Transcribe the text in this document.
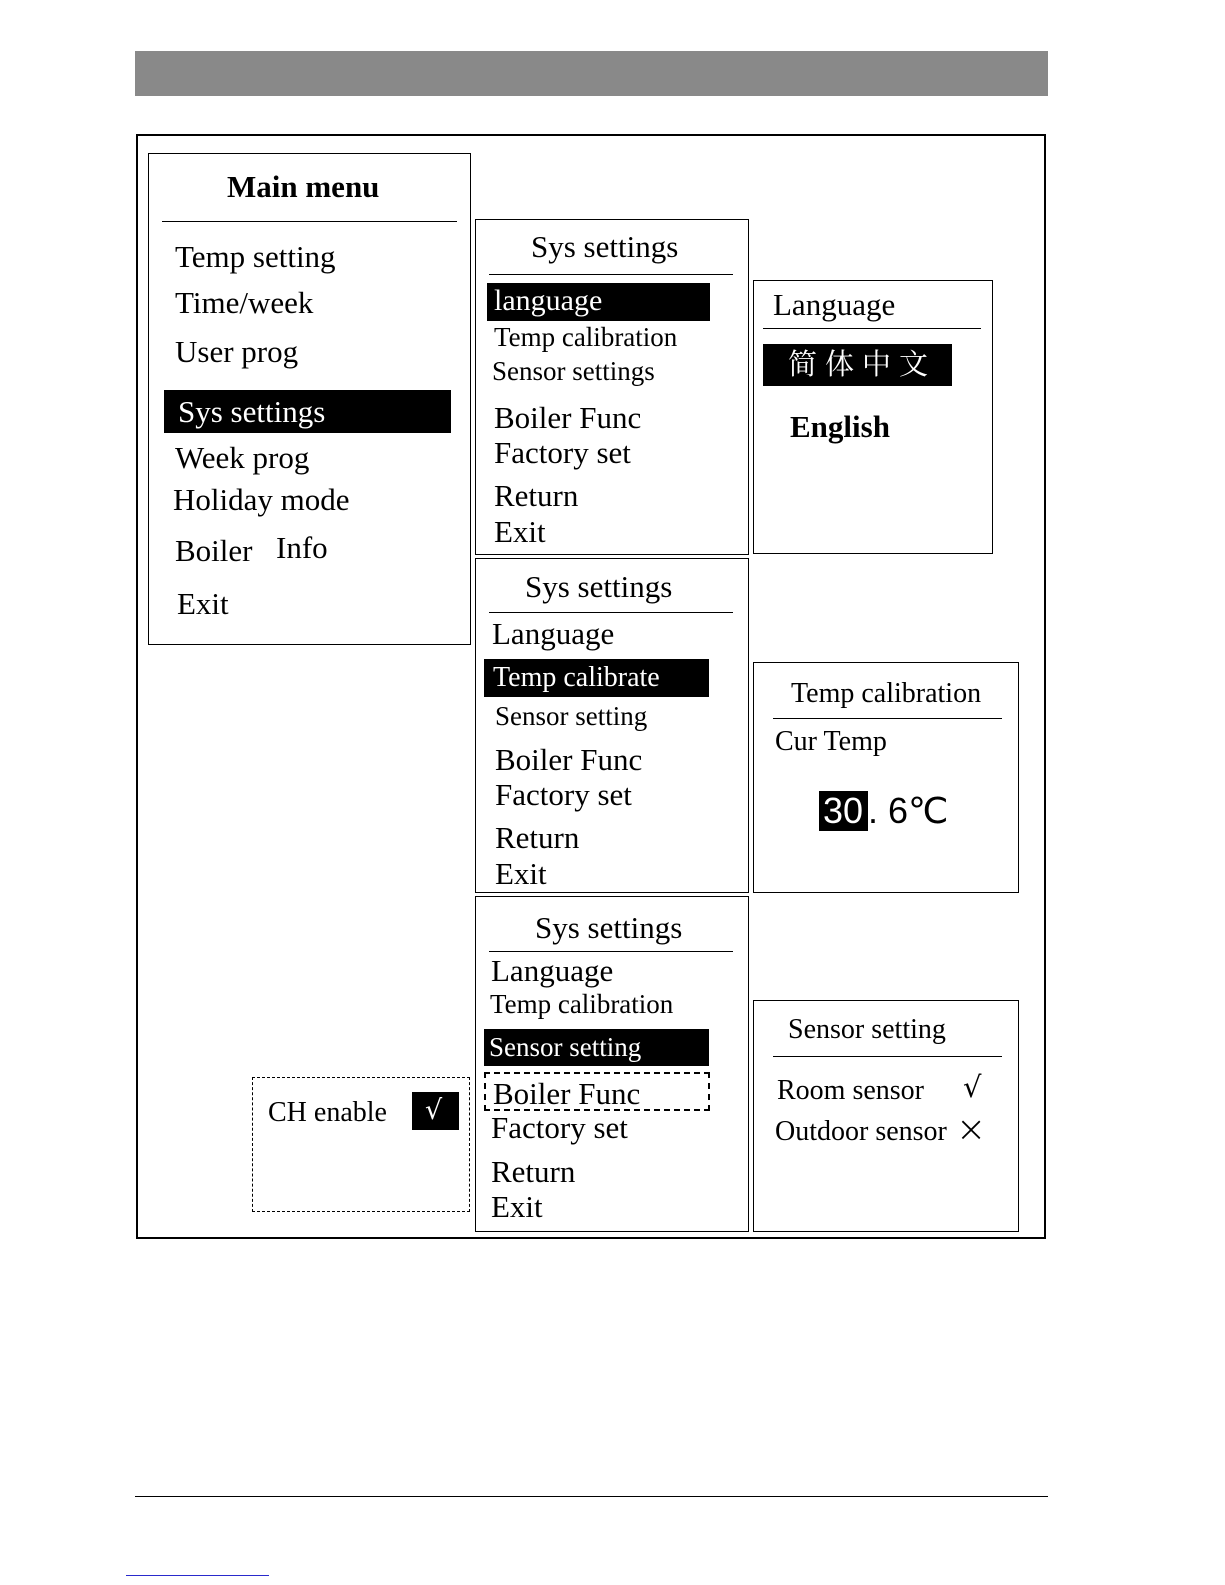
Main menu
Temp setting
Time/week
User prog
Sys settings
Week prog
Holiday mode
Boiler Info
Exit
Sys settings
language
Temp calibration
Sensor settings
Boiler Func
Factory set
Return
Exit
Language
简体中文
English
Sys settings
Language
Temp calibrate
Sensor setting
Boiler Func
Factory set
Return
Exit
Temp calibration
Cur Temp
30 . 6℃
Sys settings
Language
Temp calibration
Sensor setting
Boiler Func
Factory set
Return
Exit
Sensor setting
Room sensor √
Outdoor sensor ×
CH enable	√
